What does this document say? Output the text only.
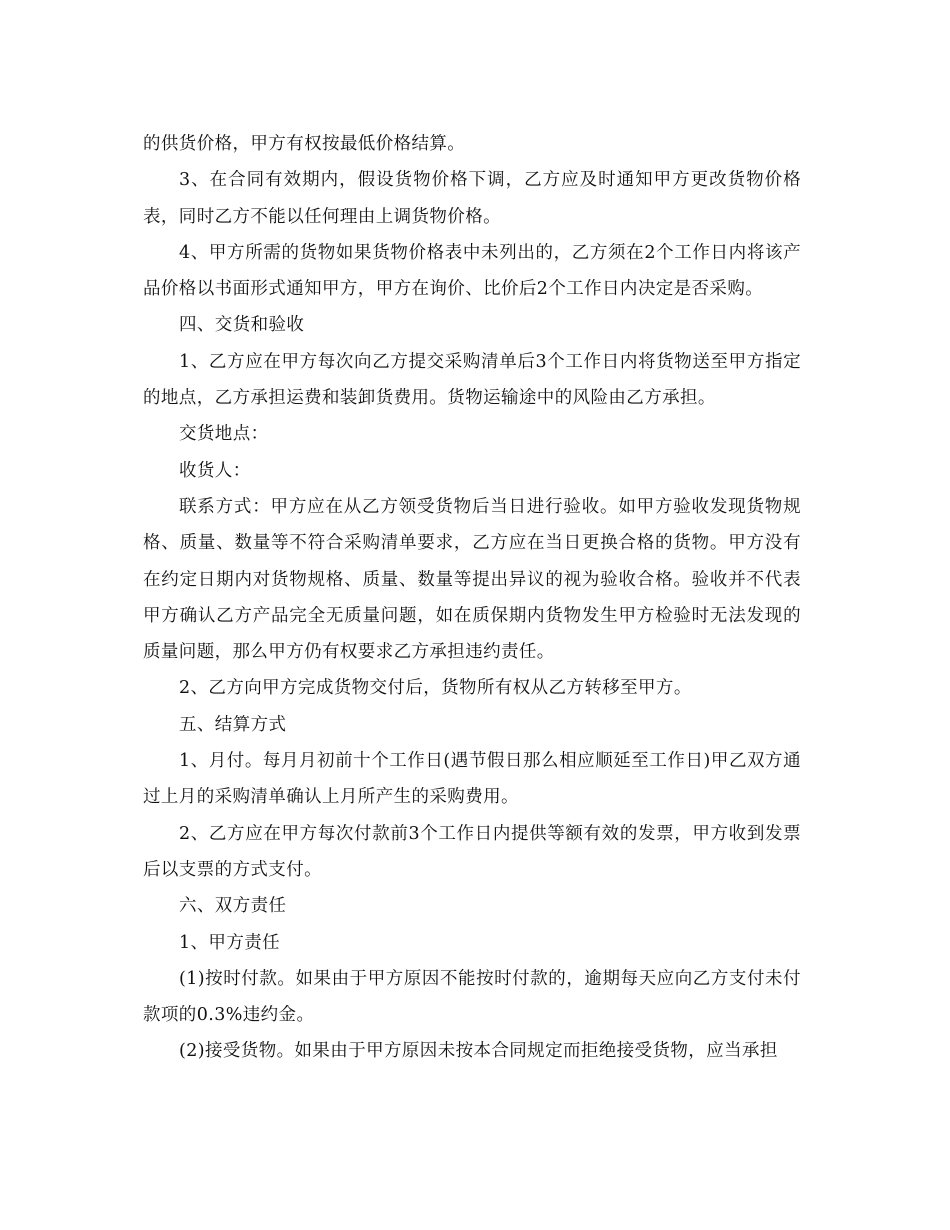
的供货价格，甲方有权按最低价格结算。

3、在合同有效期内，假设货物价格下调，乙方应及时通知甲方更改货物价格表，同时乙方不能以任何理由上调货物价格。

4、甲方所需的货物如果货物价格表中未列出的，乙方须在2个工作日内将该产品价格以书面形式通知甲方，甲方在询价、比价后2个工作日内决定是否采购。

四、交货和验收

1、乙方应在甲方每次向乙方提交采购清单后3个工作日内将货物送至甲方指定的地点，乙方承担运费和装卸货费用。货物运输途中的风险由乙方承担。

交货地点：

收货人：

联系方式：甲方应在从乙方领受货物后当日进行验收。如甲方验收发现货物规格、质量、数量等不符合采购清单要求，乙方应在当日更换合格的货物。甲方没有在约定日期内对货物规格、质量、数量等提出异议的视为验收合格。验收并不代表甲方确认乙方产品完全无质量问题，如在质保期内货物发生甲方检验时无法发现的质量问题，那么甲方仍有权要求乙方承担违约责任。

2、乙方向甲方完成货物交付后，货物所有权从乙方转移至甲方。

五、结算方式

1、月付。每月月初前十个工作日(遇节假日那么相应顺延至工作日)甲乙双方通过上月的采购清单确认上月所产生的采购费用。

2、乙方应在甲方每次付款前3个工作日内提供等额有效的发票，甲方收到发票后以支票的方式支付。

六、双方责任

1、甲方责任

(1)按时付款。如果由于甲方原因不能按时付款的，逾期每天应向乙方支付未付款项的0.3%违约金。

(2)接受货物。如果由于甲方原因未按本合同规定而拒绝接受货物，应当承担
